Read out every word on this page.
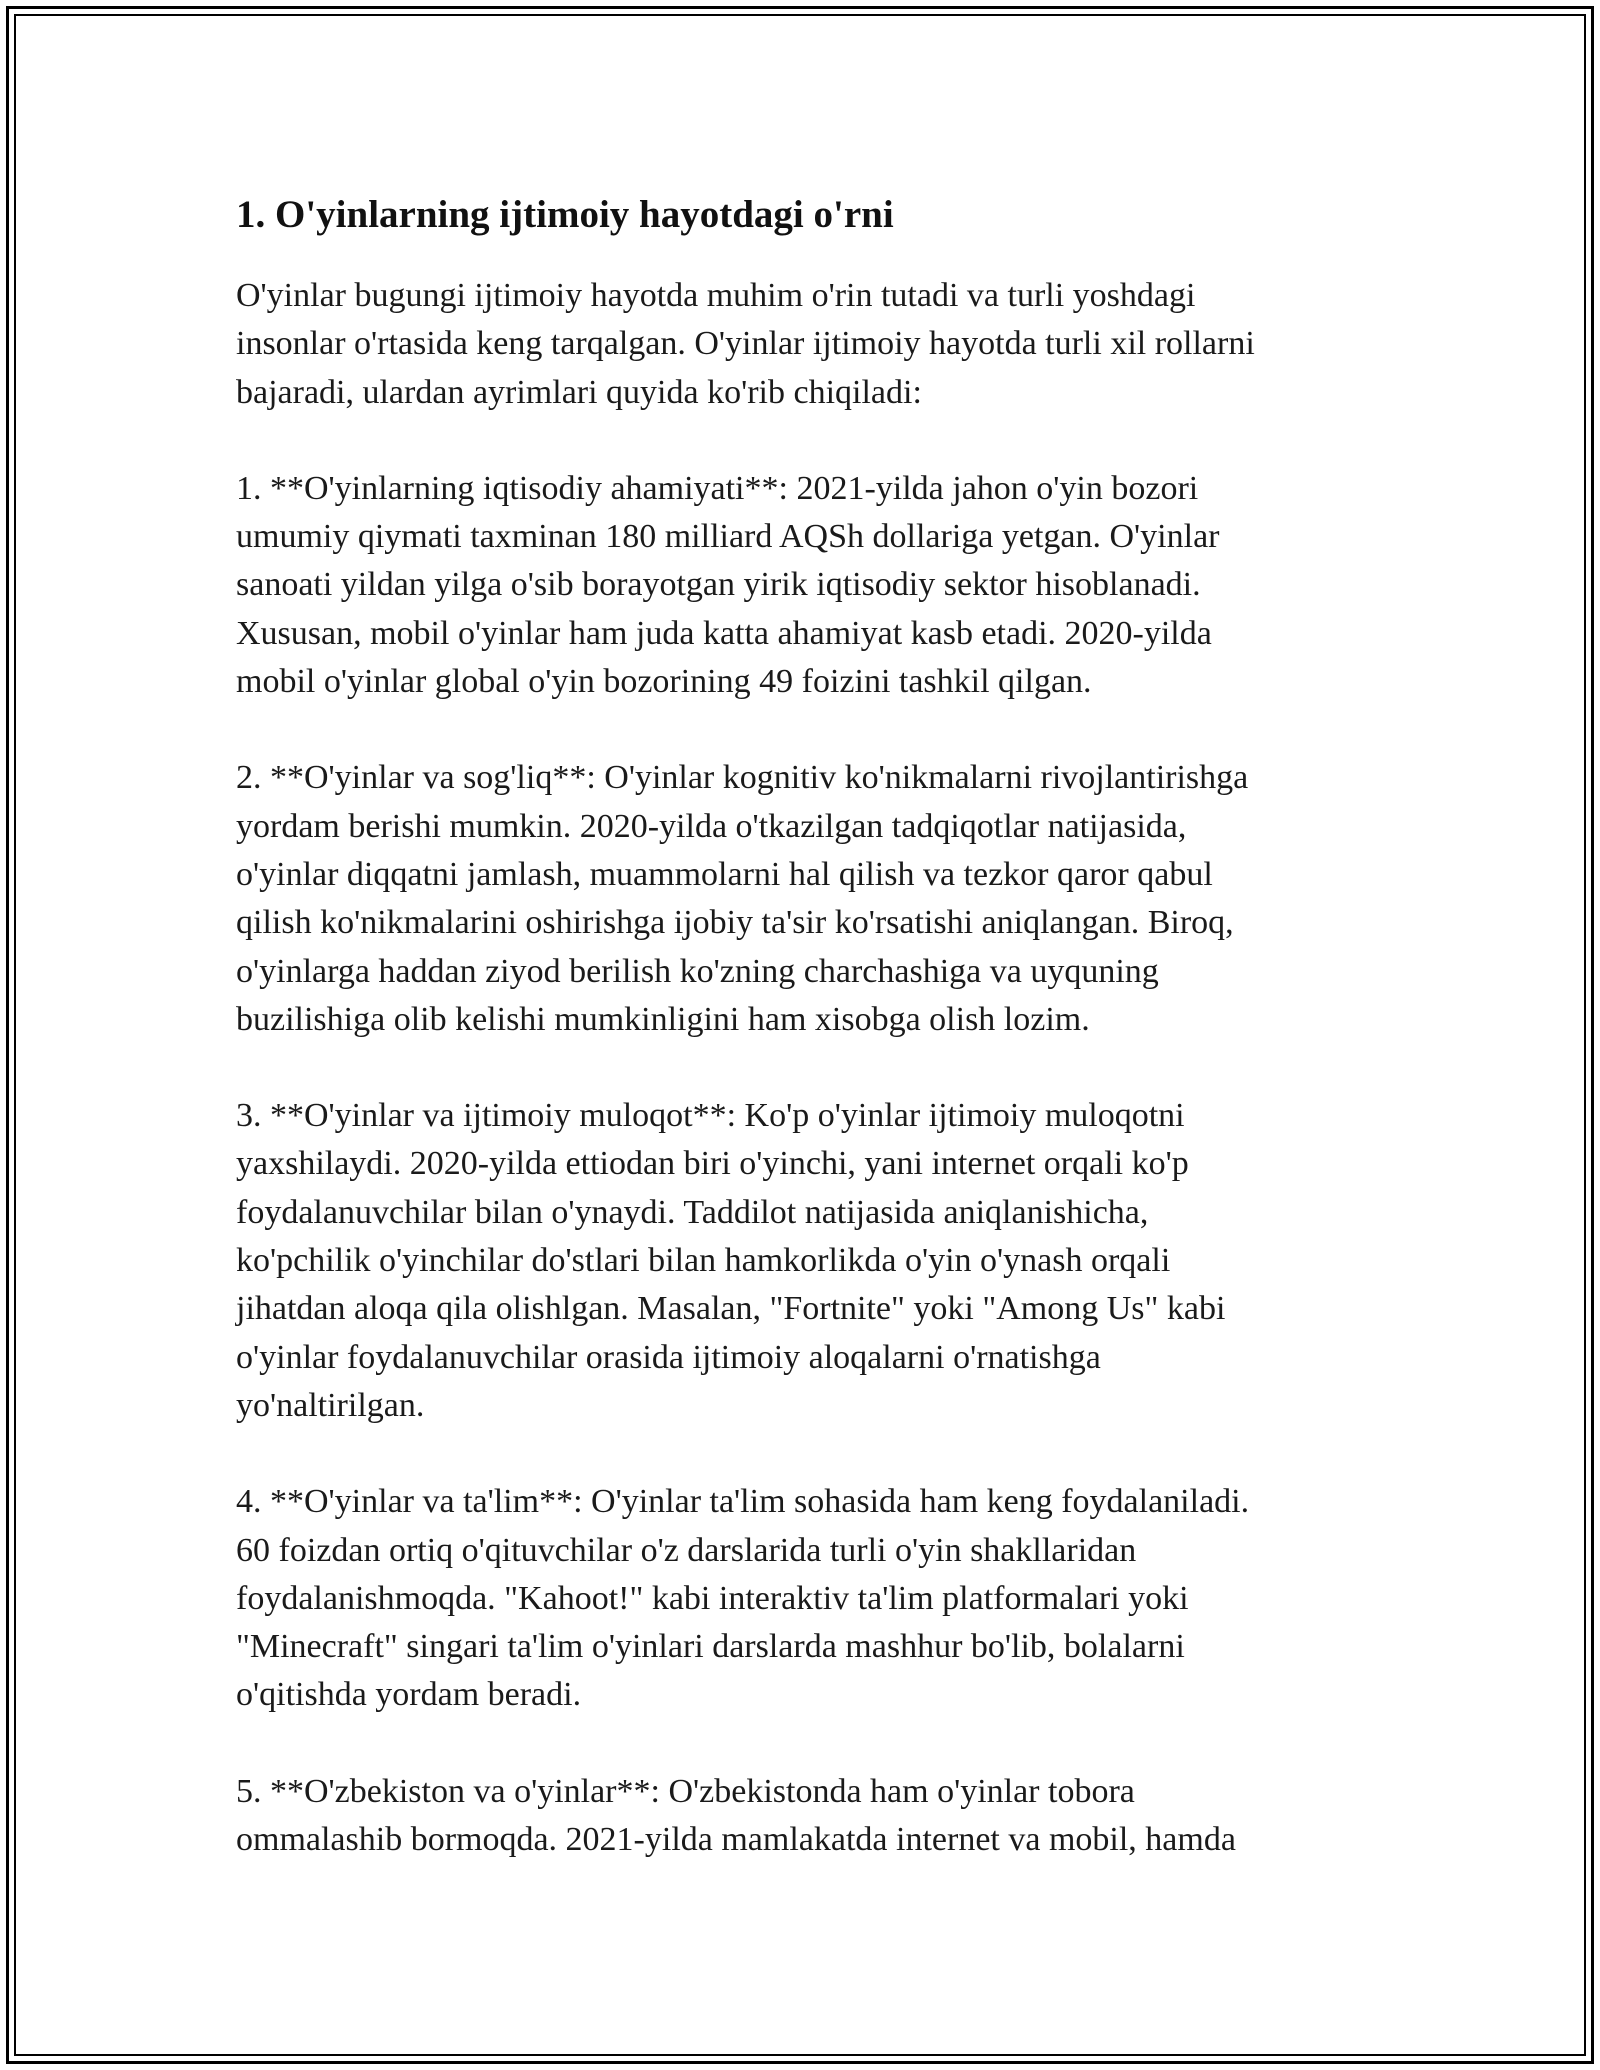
1. O'yinlarning ijtimoiy hayotdagi o'rni

O'yinlar bugungi ijtimoiy hayotda muhim o'rin tutadi va turli yoshdagi
insonlar o'rtasida keng tarqalgan. O'yinlar ijtimoiy hayotda turli xil rollarni
bajaradi, ulardan ayrimlari quyida ko'rib chiqiladi:

1. **O'yinlarning iqtisodiy ahamiyati**: 2021-yilda jahon o'yin bozori
umumiy qiymati taxminan 180 milliard AQSh dollariga yetgan. O'yinlar
sanoati yildan yilga o'sib borayotgan yirik iqtisodiy sektor hisoblanadi.
Xususan, mobil o'yinlar ham juda katta ahamiyat kasb etadi. 2020-yilda
mobil o'yinlar global o'yin bozorining 49 foizini tashkil qilgan.

2. **O'yinlar va sog'liq**: O'yinlar kognitiv ko'nikmalarni rivojlantirishga
yordam berishi mumkin. 2020-yilda o'tkazilgan tadqiqotlar natijasida,
o'yinlar diqqatni jamlash, muammolarni hal qilish va tezkor qaror qabul
qilish ko'nikmalarini oshirishga ijobiy ta'sir ko'rsatishi aniqlangan. Biroq,
o'yinlarga haddan ziyod berilish ko'zning charchashiga va uyquning
buzilishiga olib kelishi mumkinligini ham xisobga olish lozim.

3. **O'yinlar va ijtimoiy muloqot**: Ko'p o'yinlar ijtimoiy muloqotni
yaxshilaydi. 2020-yilda ettiodan biri o'yinchi, yani internet orqali ko'p
foydalanuvchilar bilan o'ynaydi. Taddilot natijasida aniqlanishicha,
ko'pchilik o'yinchilar do'stlari bilan hamkorlikda o'yin o'ynash orqali
jihatdan aloqa qila olishlgan. Masalan, "Fortnite" yoki "Among Us" kabi
o'yinlar foydalanuvchilar orasida ijtimoiy aloqalarni o'rnatishga
yo'naltirilgan.

4. **O'yinlar va ta'lim**: O'yinlar ta'lim sohasida ham keng foydalaniladi.
60 foizdan ortiq o'qituvchilar o'z darslarida turli o'yin shakllaridan
foydalanishmoqda. "Kahoot!" kabi interaktiv ta'lim platformalari yoki
"Minecraft" singari ta'lim o'yinlari darslarda mashhur bo'lib, bolalarni
o'qitishda yordam beradi.

5. **O'zbekiston va o'yinlar**: O'zbekistonda ham o'yinlar tobora
ommalashib bormoqda. 2021-yilda mamlakatda internet va mobil, hamda
